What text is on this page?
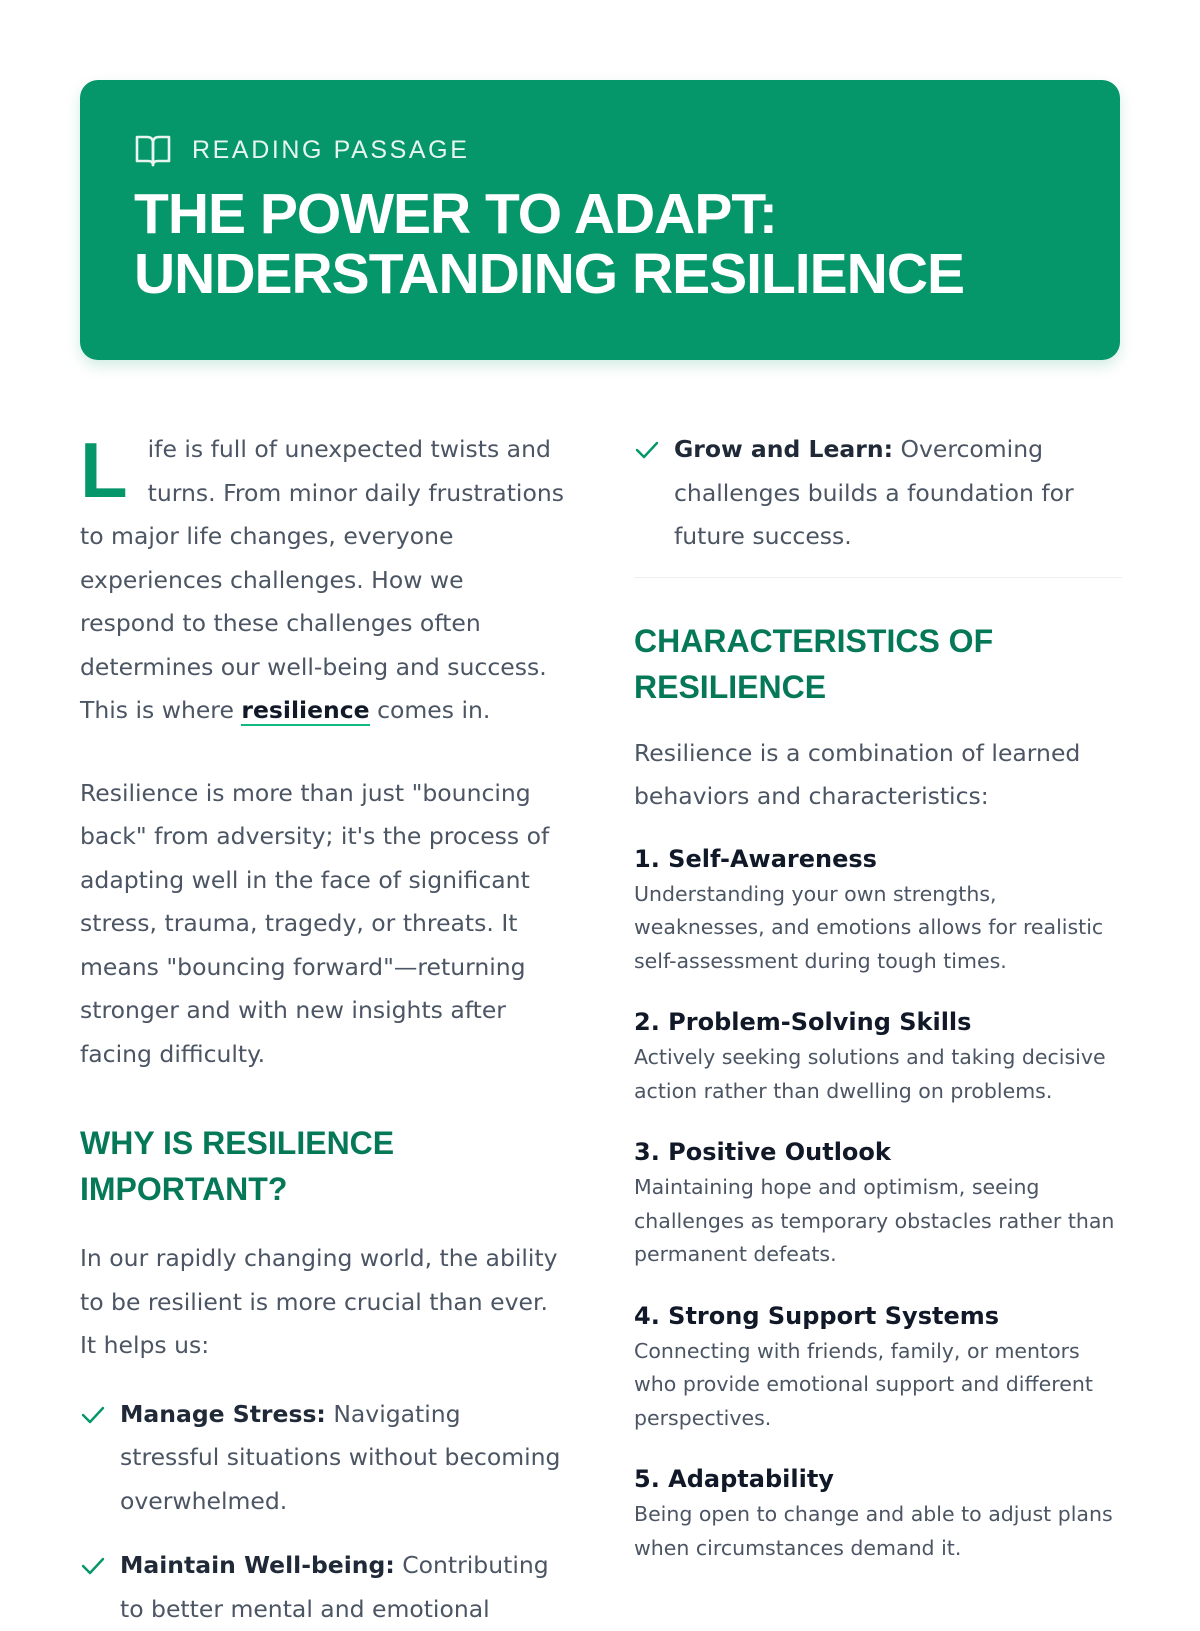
READING PASSAGE
THE POWER TO ADAPT:
UNDERSTANDING RESILIENCE

Life is full of unexpected twists and turns. From minor daily frustrations to major life changes, everyone experiences challenges. How we respond to these challenges often determines our well-being and success. This is where resilience comes in.

Resilience is more than just "bouncing back" from adversity; it's the process of adapting well in the face of significant stress, trauma, tragedy, or threats. It means "bouncing forward"—returning stronger and with new insights after facing difficulty.

WHY IS RESILIENCE IMPORTANT?

In our rapidly changing world, the ability to be resilient is more crucial than ever. It helps us:

Manage Stress: Navigating stressful situations without becoming overwhelmed.
Maintain Well-being: Contributing to better mental and emotional
Grow and Learn: Overcoming challenges builds a foundation for future success.
CHARACTERISTICS OF RESILIENCE

Resilience is a combination of learned behaviors and characteristics:

1. Self-Awareness

Understanding your own strengths, weaknesses, and emotions allows for realistic self-assessment during tough times.

2. Problem-Solving Skills

Actively seeking solutions and taking decisive action rather than dwelling on problems.

3. Positive Outlook

Maintaining hope and optimism, seeing challenges as temporary obstacles rather than permanent defeats.

4. Strong Support Systems

Connecting with friends, family, or mentors who provide emotional support and different perspectives.

5. Adaptability

Being open to change and able to adjust plans when circumstances demand it.
